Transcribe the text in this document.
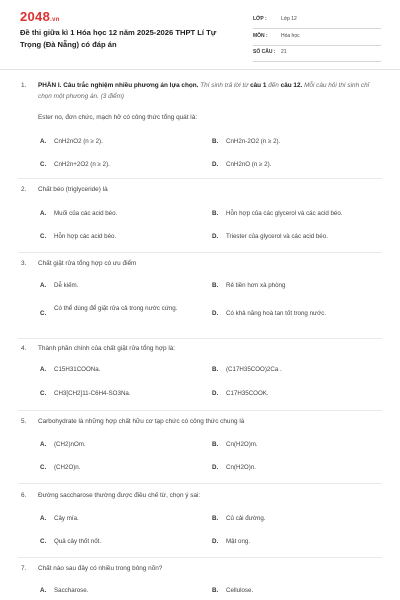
2048.vn
Đề thi giữa kì 1 Hóa học 12 năm 2025-2026 THPT Lí Tự Trọng (Đà Nẵng) có đáp án
LỚP :	Lớp 12
MÔN :	Hóa học
SỐ CÂU : 21
1. PHẦN I. Câu trắc nghiệm nhiều phương án lựa chọn. Thí sinh trả lời từ câu 1 đến câu 12. Mỗi câu hỏi thí sinh chỉ chọn một phương án. (3 điểm)
Ester no, đơn chức, mạch hở có công thức tổng quát là:
A. CnH2nO2 (n ≥ 2).	B. CnH2n-2O2 (n ≥ 2).
C. CnH2n+2O2 (n ≥ 2).	D. CnH2nO (n ≥ 2).
2. Chất béo (triglyceride) là
A. Muối của các acid béo.	B. Hỗn hợp của các glycerol và các acid béo.
C. Hỗn hợp các acid béo.	D. Triester của glycerol và các acid béo.
3. Chất giặt rửa tổng hợp có ưu điểm
A. Dễ kiếm.	B. Rẻ tiền hơn xà phòng
C.Có thể dùng để giặt rửa cả trong nước cứng.
D. Có khả năng hoà tan tốt trong nước.
4. Thành phần chính của chất giặt rửa tổng hợp là:
A. C15H31COONa.	B. (C17H35COO)2Ca .
C. CH3[CH2]11-C6H4-SO3Na.	D. C17H35COOK.
5. Carbohydrate là những hợp chất hữu cơ tạp chức có công thức chung là
A. (CH2)nOm.	B. Cn(H2O)m.
C. (CH2O)n.	D. Cn(H2O)n.
6. Đường saccharose thường được điều chế từ, chọn ý sai:
A. Cây mía.	B. Củ cải đường.
C. Quả cây thốt nốt.	D. Mật ong.
7. Chất nào sau đây có nhiều trong bông nõn?
A. Saccharose.	B. Cellulose.
